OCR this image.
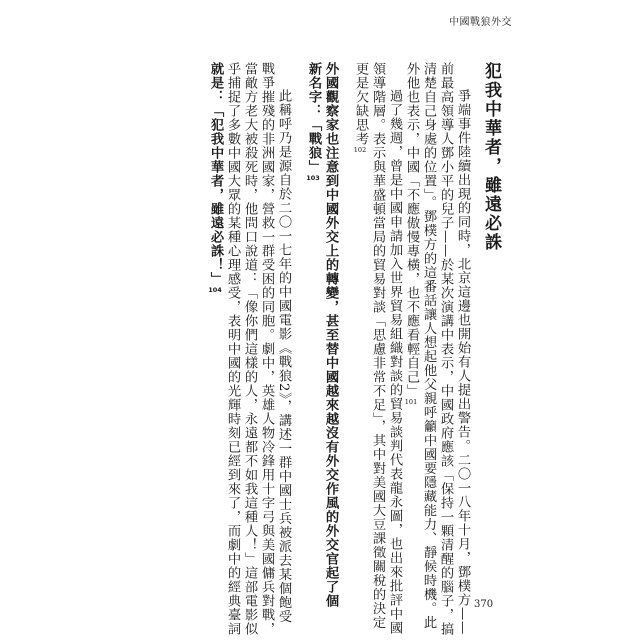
中國戰狼外交
犯我中華者，雖遠必誅
爭端事件陸續出現的同時，北京這邊也開始有人提出警告。二〇一八年十月，鄧樸方——
前最高領導人鄧小平的兒子——於某次演講中表示，中國政府應該「保持一顆清醒的腦子，搞
清楚自己身處的位置」。鄧樸方的這番話讓人想起他父親呼籲中國要隱藏能力、靜候時機。此
外他也表示，中國「不應傲慢專橫，也不應看輕自己」101
過了幾週，曾是中國申請加入世界貿易組織對談的貿易談判代表龍永圖，也出來批評中國
領導階層。表示與華盛頓當局的貿易對談「思慮非常不足」，其中對美國大豆課徵關稅的決定
更是欠缺思考102
外國觀察家也注意到中國外交上的轉變，甚至替中國越來越沒有外交作風的外交官起了個
新名字：「戰狼」103
此稱呼乃是源自於二〇一七年的中國電影《戰狼2》，講述一群中國士兵被派去某個飽受
戰爭摧殘的非洲國家，營救一群受困的同胞。劇中，英雄人物冷鋒用十字弓與美國傭兵對戰，
當敵方老大被殺死時，他問口說道：「像你們這樣的人，永遠都不如我這種人！」這部電影似
乎捕捉了多數中國大眾的某種心理感受，表明中國的光輝時刻已經到來了，而劇中的經典臺詞
就是：「犯我中華者，雖遠必誅！」104
370
